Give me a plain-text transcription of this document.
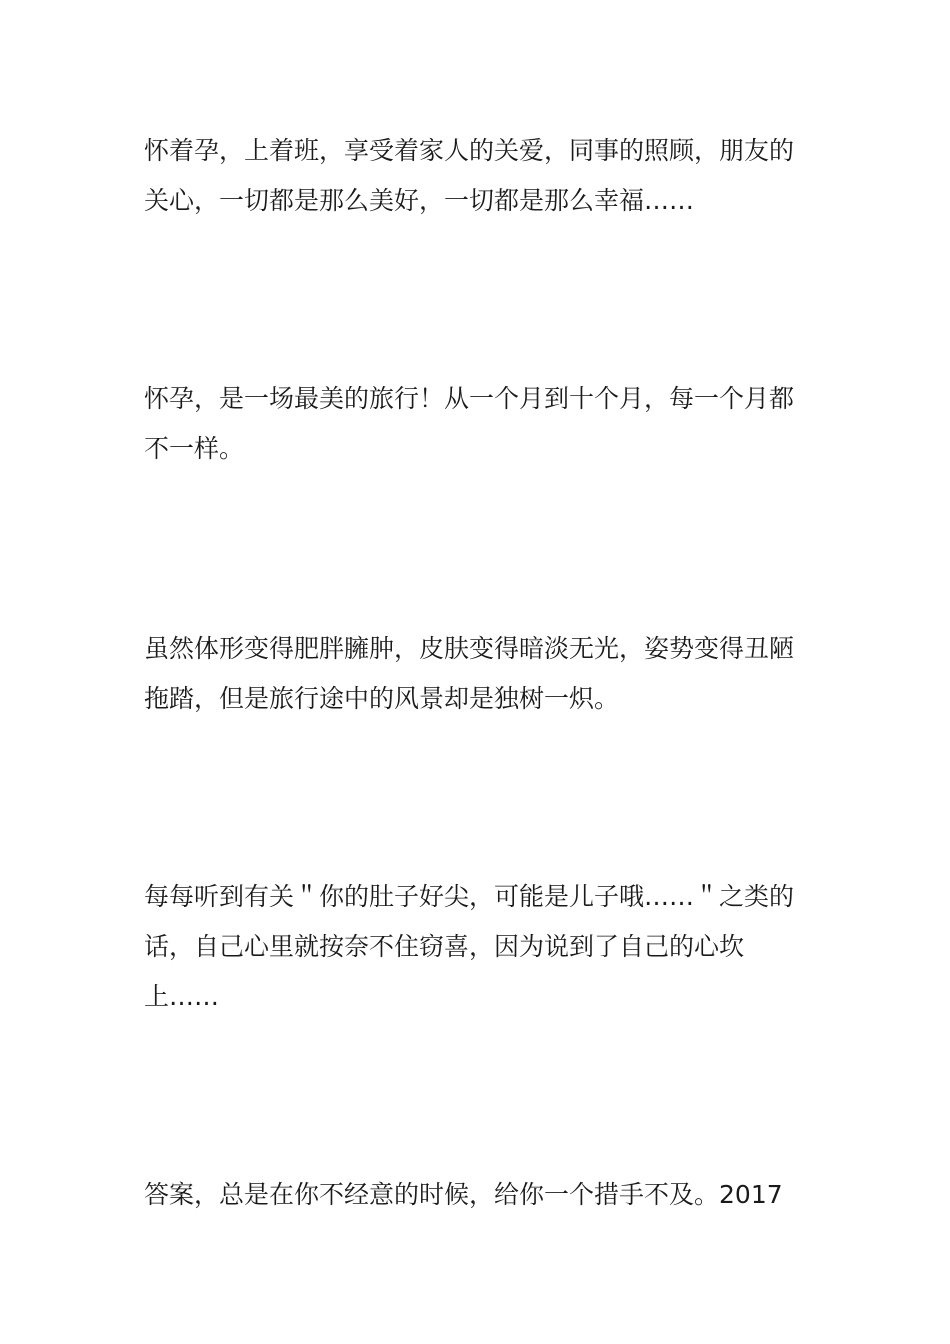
怀着孕，上着班，享受着家人的关爱，同事的照顾，朋友的关心，一切都是那么美好，一切都是那么幸福……

怀孕，是一场最美的旅行！从一个月到十个月，每一个月都不一样。

虽然体形变得肥胖臃肿，皮肤变得暗淡无光，姿势变得丑陋拖踏，但是旅行途中的风景却是独树一炽。

每每听到有关＂你的肚子好尖，可能是儿子哦……＂之类的话，自己心里就按奈不住窃喜，因为说到了自己的心坎上……

答案，总是在你不经意的时候，给你一个措手不及。2017
